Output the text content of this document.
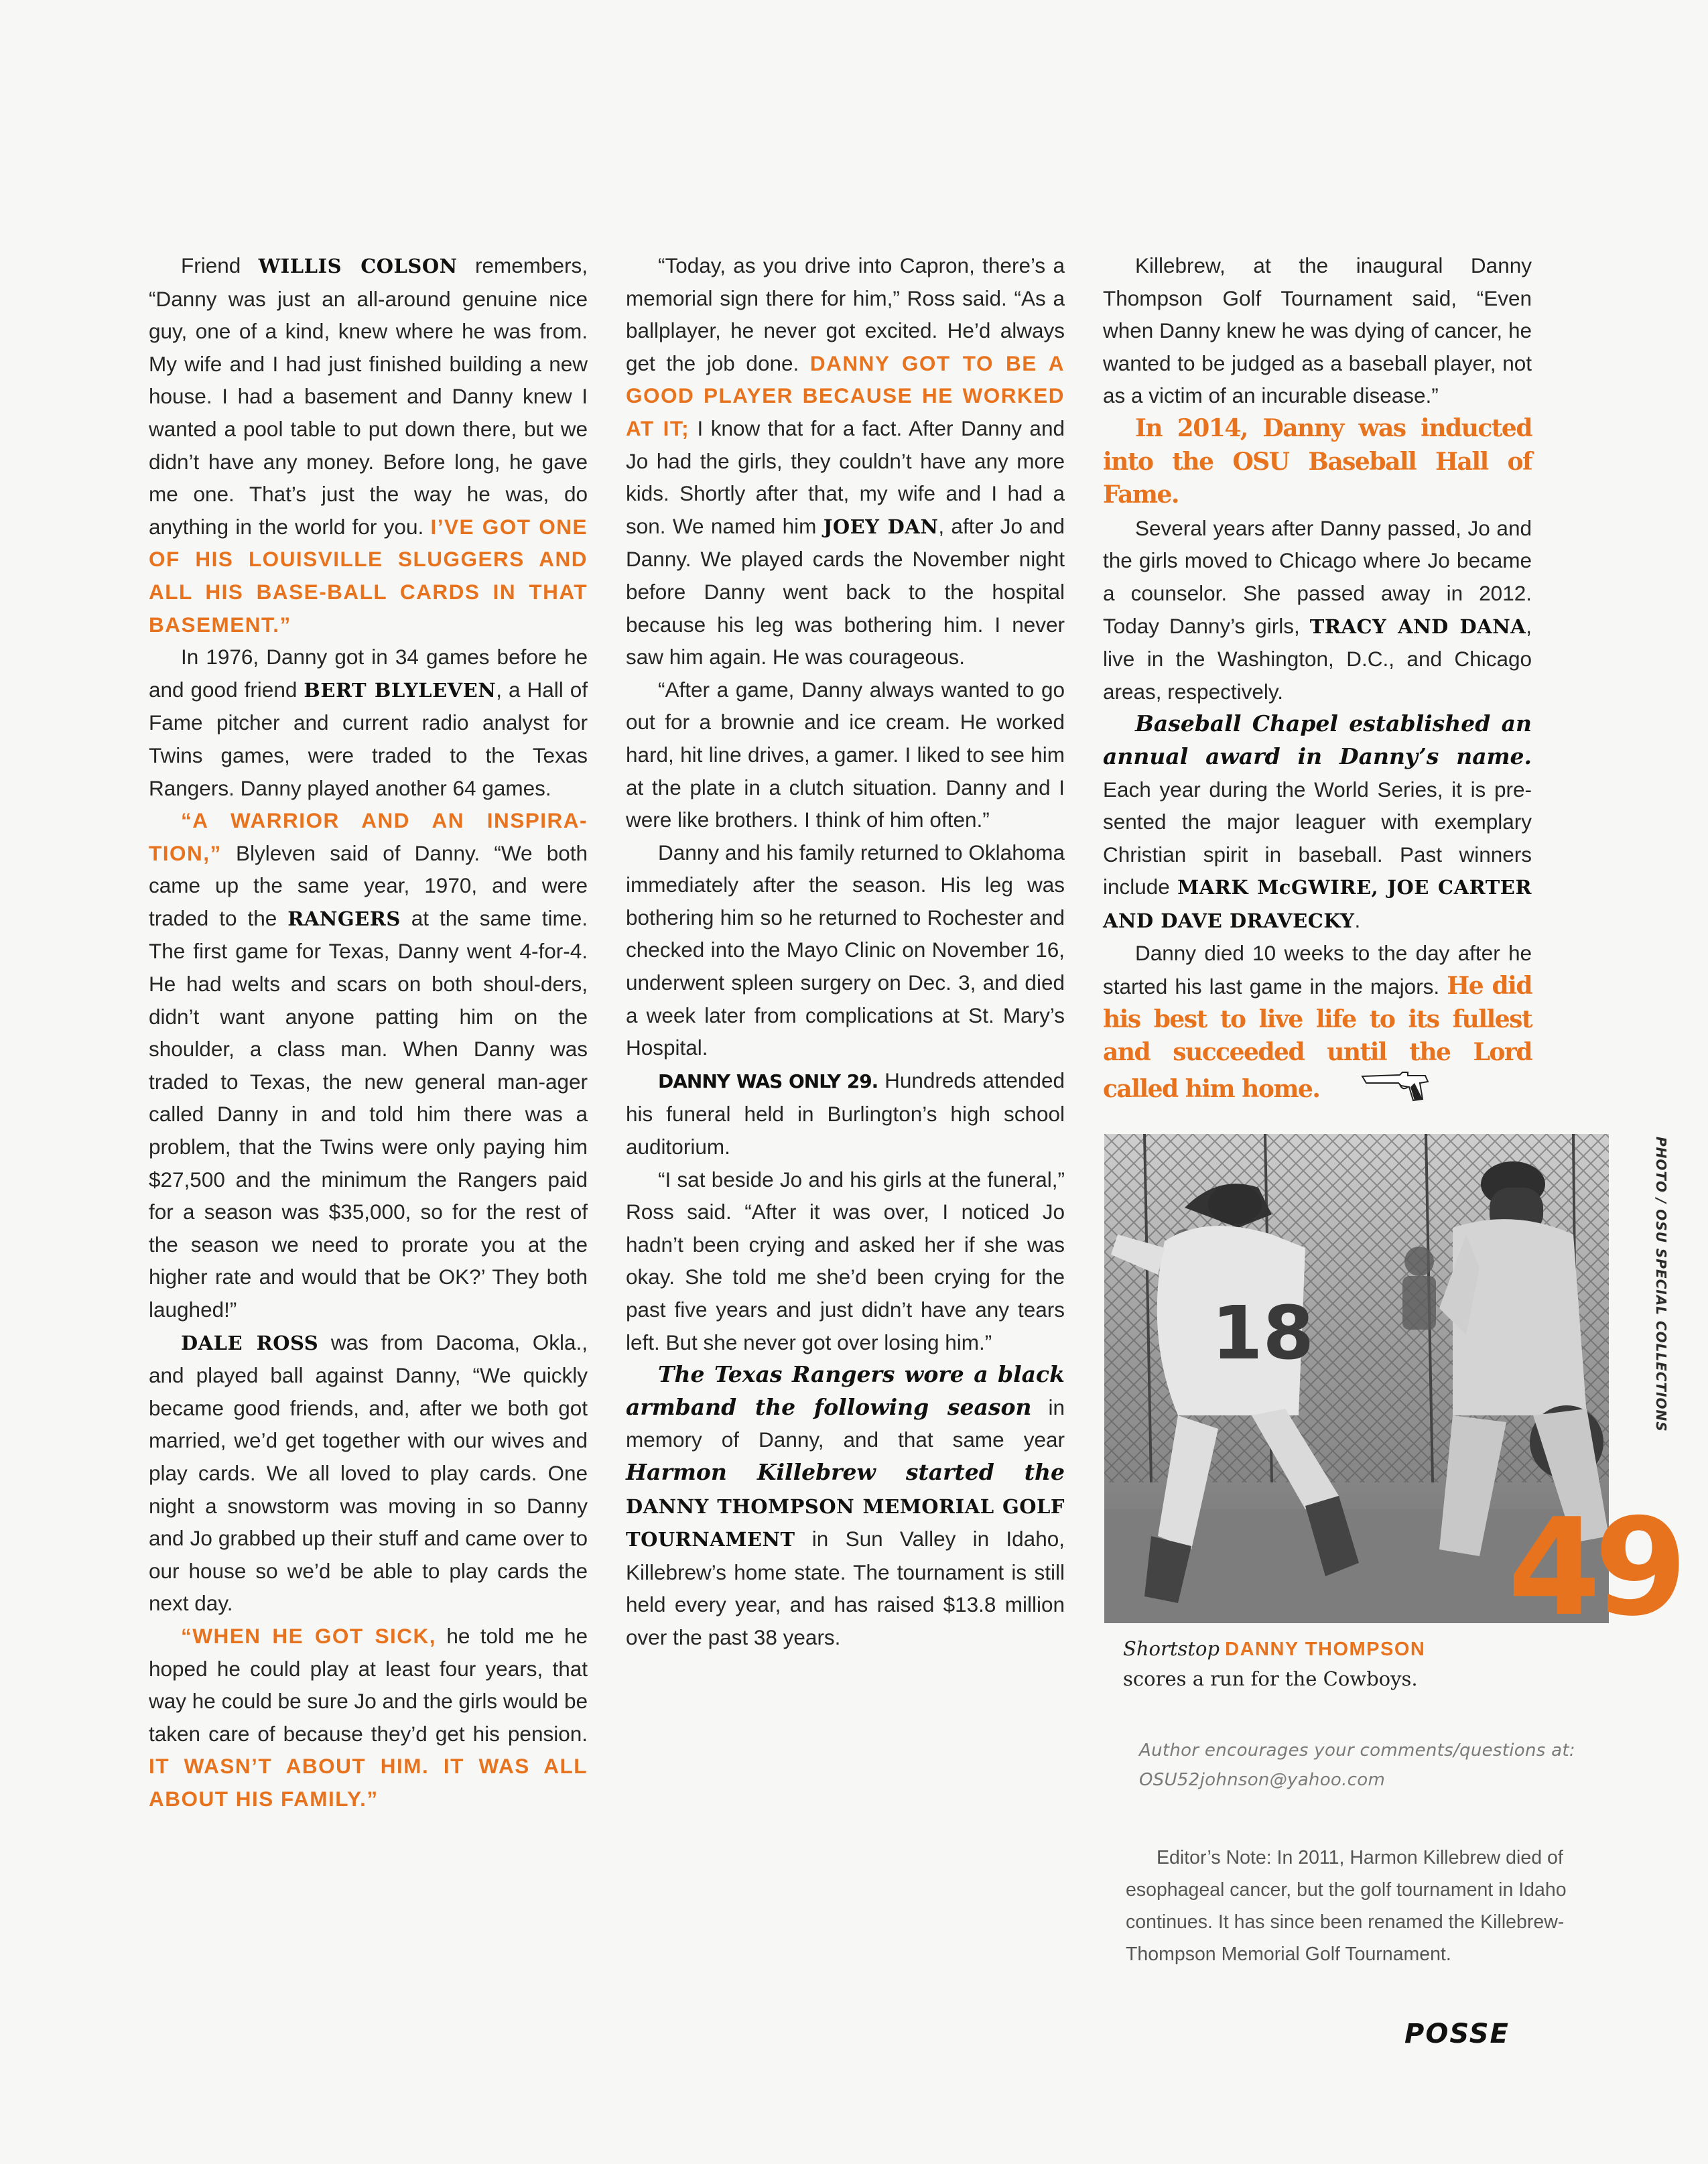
Friend WILLIS COLSON remembers, “Danny was just an all-around genuine nice guy, one of a kind, knew where he was from. My wife and I had just finished building a new house. I had a basement and Danny knew I wanted a pool table to put down there, but we didn’t have any money. Before long, he gave me one. That’s just the way he was, do anything in the world for you. I’VE GOT ONE OF HIS LOUISVILLE SLUGGERS AND ALL HIS BASE-BALL CARDS IN THAT BASEMENT.”

In 1976, Danny got in 34 games before he and good friend BERT BLYLEVEN, a Hall of Fame pitcher and current radio analyst for Twins games, were traded to the Texas Rangers. Danny played another 64 games.

“A WARRIOR AND AN INSPIRA-TION,” Blyleven said of Danny. “We both came up the same year, 1970, and were traded to the RANGERS at the same time. The first game for Texas, Danny went 4-for-4. He had welts and scars on both shoul-ders, didn’t want anyone patting him on the shoulder, a class man. When Danny was traded to Texas, the new general man-ager called Danny in and told him there was a problem, that the Twins were only paying him $27,500 and the minimum the Rangers paid for a season was $35,000, so for the rest of the season we need to prorate you at the higher rate and would that be OK?’ They both laughed!”

DALE ROSS was from Dacoma, Okla., and played ball against Danny, “We quickly became good friends, and, after we both got married, we’d get together with our wives and play cards. We all loved to play cards. One night a snowstorm was moving in so Danny and Jo grabbed up their stuff and came over to our house so we’d be able to play cards the next day.

“WHEN HE GOT SICK, he told me he hoped he could play at least four years, that way he could be sure Jo and the girls would be taken care of because they’d get his pension. IT WASN’T ABOUT HIM. IT WAS ALL ABOUT HIS FAMILY.”

“Today, as you drive into Capron, there’s a memorial sign there for him,” Ross said. “As a ballplayer, he never got excited. He’d always get the job done. DANNY GOT TO BE A GOOD PLAYER BECAUSE HE WORKED AT IT; I know that for a fact. After Danny and Jo had the girls, they couldn’t have any more kids. Shortly after that, my wife and I had a son. We named him JOEY DAN, after Jo and Danny. We played cards the November night before Danny went back to the hospital because his leg was bothering him. I never saw him again. He was courageous.

“After a game, Danny always wanted to go out for a brownie and ice cream. He worked hard, hit line drives, a gamer. I liked to see him at the plate in a clutch situation. Danny and I were like brothers. I think of him often.”

Danny and his family returned to Oklahoma immediately after the season. His leg was bothering him so he returned to Rochester and checked into the Mayo Clinic on November 16, underwent spleen surgery on Dec. 3, and died a week later from complications at St. Mary’s Hospital.

DANNY WAS ONLY 29. Hundreds attended his funeral held in Burlington’s high school auditorium.

“I sat beside Jo and his girls at the funeral,” Ross said. “After it was over, I noticed Jo hadn’t been crying and asked her if she was okay. She told me she’d been crying for the past five years and just didn’t have any tears left. But she never got over losing him.”

The Texas Rangers wore a black armband the following season in memory of Danny, and that same year Harmon Killebrew started the DANNY THOMPSON MEMORIAL GOLF TOURNAMENT in Sun Valley in Idaho, Killebrew’s home state. The tournament is still held every year, and has raised $13.8 million over the past 38 years.

Killebrew, at the inaugural Danny Thompson Golf Tournament said, “Even when Danny knew he was dying of cancer, he wanted to be judged as a baseball player, not as a victim of an incurable disease.”

In 2014, Danny was inducted into the OSU Baseball Hall of Fame.

Several years after Danny passed, Jo and the girls moved to Chicago where Jo became a counselor. She passed away in 2012. Today Danny’s girls, TRACY AND DANA, live in the Washington, D.C., and Chicago areas, respectively.

Baseball Chapel established an annual award in Danny’s name. Each year during the World Series, it is pre-sented the major leaguer with exemplary Christian spirit in baseball. Past winners include MARK McGWIRE, JOE CARTER AND DAVE DRAVECKY.

Danny died 10 weeks to the day after he started his last game in the majors. He did his best to live life to its fullest and succeeded until the Lord called him home.

18	PHOTO / OSU SPECIAL COLLECTIONS
49
Shortstop DANNY THOMPSON
scores a run for the Cowboys.
Author encourages your comments/questions at:
OSU52johnson@yahoo.com

Editor’s Note: In 2011, Harmon Killebrew died of esophageal cancer, but the golf tournament in Idaho continues. It has since been renamed the Killebrew-Thompson Memorial Golf Tournament.

POSSE
